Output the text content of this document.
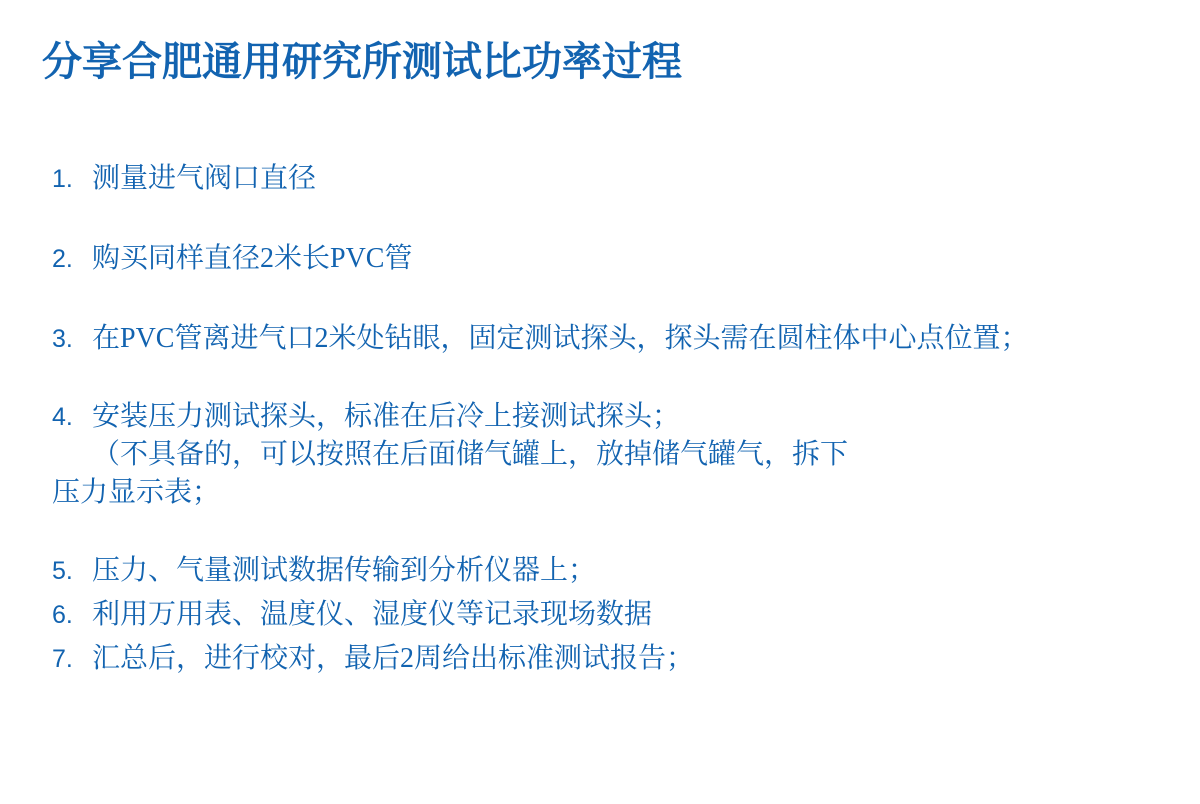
分享合肥通用研究所测试比功率过程
1. 测量进气阀口直径
2. 购买同样直径2米长PVC管
3. 在PVC管离进气口2米处钻眼，固定测试探头，探头需在圆柱体中心点位置；
4. 安装压力测试探头，标准在后冷上接测试探头；
（不具备的，可以按照在后面储气罐上，放掉储气罐气，拆下
压力显示表；
5. 压力、气量测试数据传输到分析仪器上；
6. 利用万用表、温度仪、湿度仪等记录现场数据
7. 汇总后，进行校对，最后2周给出标准测试报告；
